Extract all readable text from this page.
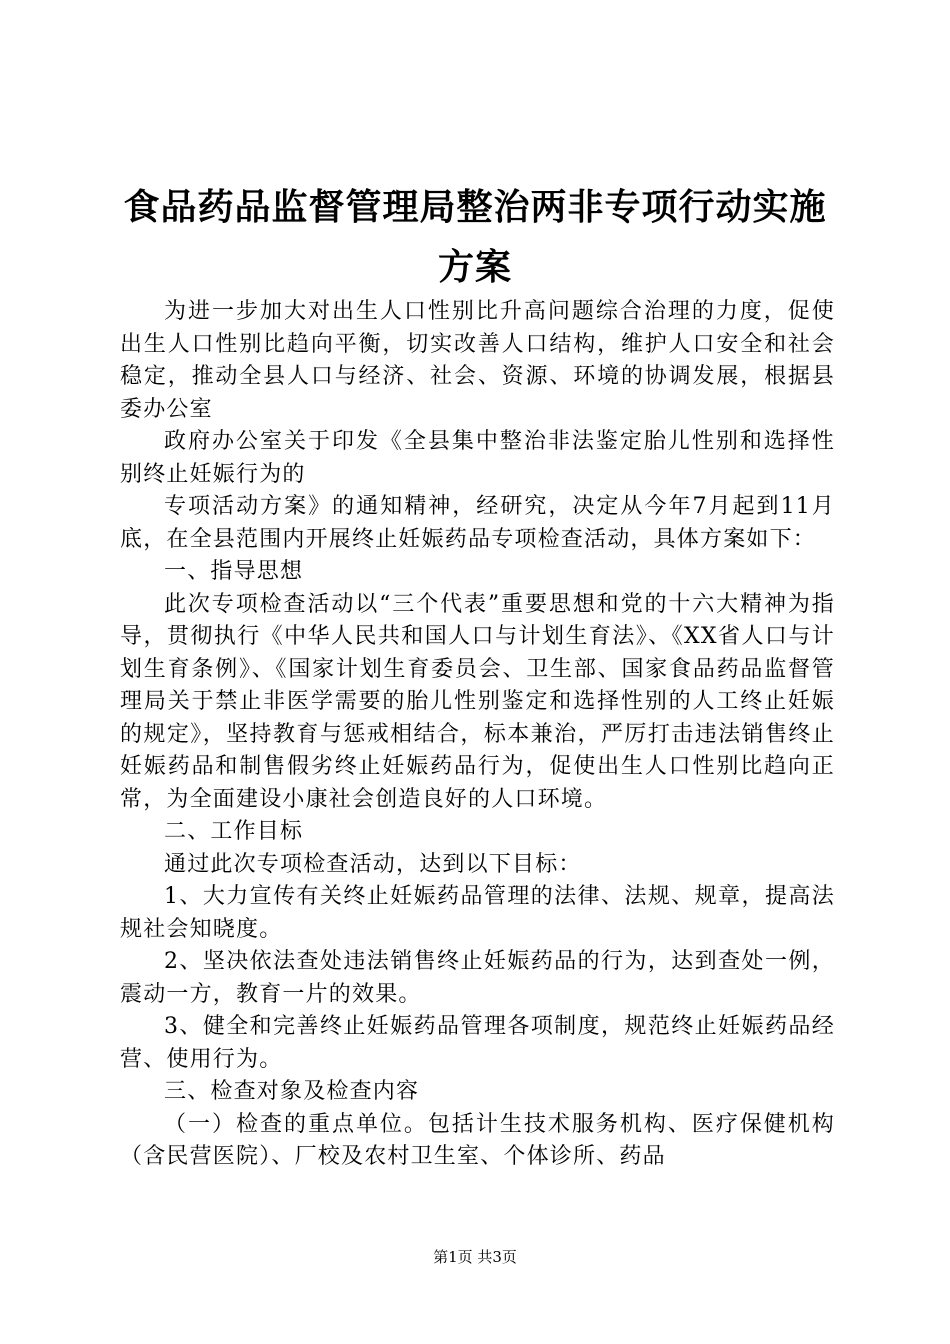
食品药品监督管理局整治两非专项行动实施方案

为进一步加大对出生人口性别比升高问题综合治理的力度，促使出生人口性别比趋向平衡，切实改善人口结构，维护人口安全和社会稳定，推动全县人口与经济、社会、资源、环境的协调发展，根据县委办公室

政府办公室关于印发《全县集中整治非法鉴定胎儿性别和选择性别终止妊娠行为的

专项活动方案》的通知精神，经研究，决定从今年7月起到11月底，在全县范围内开展终止妊娠药品专项检查活动，具体方案如下：

一、指导思想

此次专项检查活动以“三个代表”重要思想和党的十六大精神为指导，贯彻执行《中华人民共和国人口与计划生育法》、《XX省人口与计划生育条例》、《国家计划生育委员会、卫生部、国家食品药品监督管理局关于禁止非医学需要的胎儿性别鉴定和选择性别的人工终止妊娠的规定》，坚持教育与惩戒相结合，标本兼治，严厉打击违法销售终止妊娠药品和制售假劣终止妊娠药品行为，促使出生人口性别比趋向正常，为全面建设小康社会创造良好的人口环境。

二、工作目标

通过此次专项检查活动，达到以下目标：

1、大力宣传有关终止妊娠药品管理的法律、法规、规章，提高法规社会知晓度。

2、坚决依法查处违法销售终止妊娠药品的行为，达到查处一例，震动一方，教育一片的效果。

3、健全和完善终止妊娠药品管理各项制度，规范终止妊娠药品经营、使用行为。

三、检查对象及检查内容

（一）检查的重点单位。包括计生技术服务机构、医疗保健机构（含民营医院）、厂校及农村卫生室、个体诊所、药品

第1页 共3页
